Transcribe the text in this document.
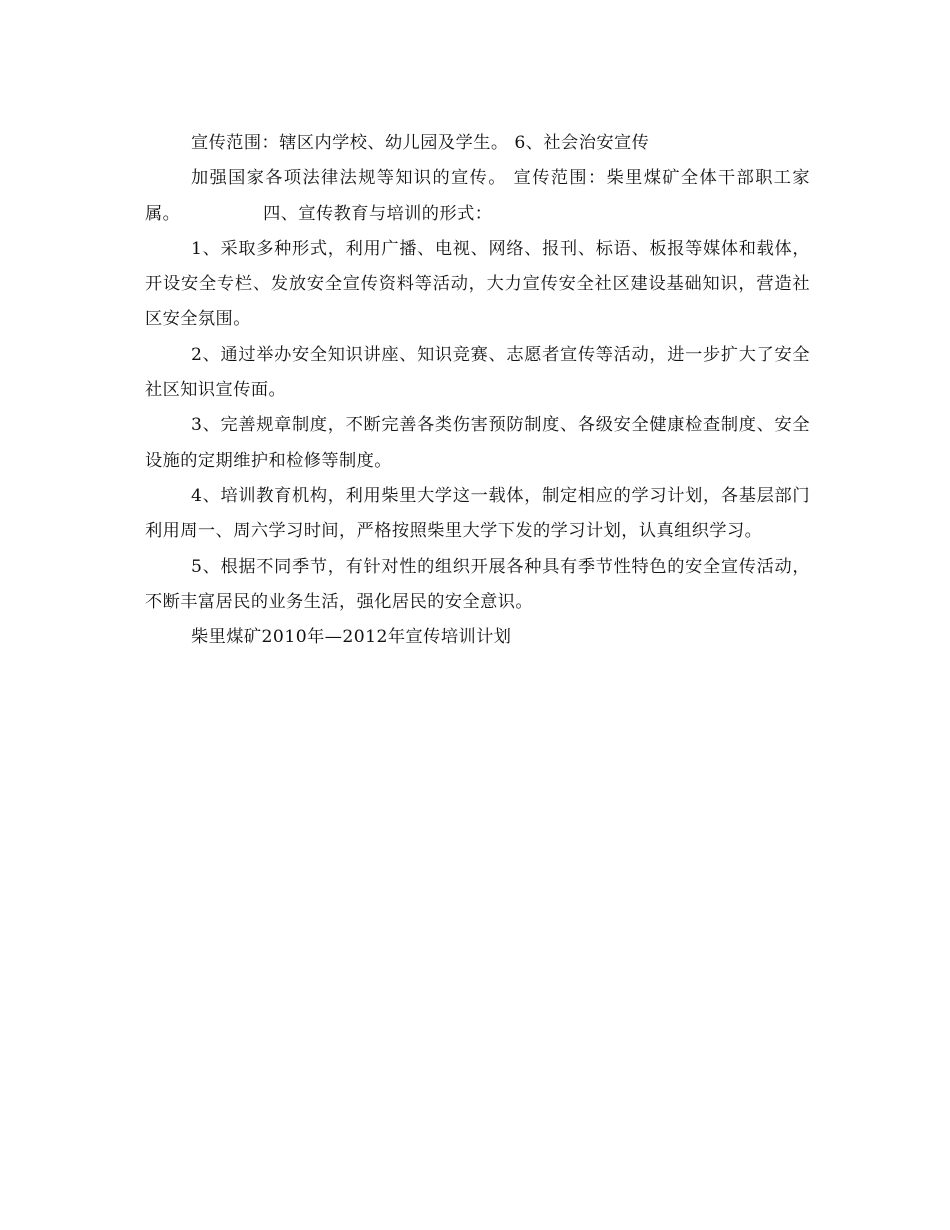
宣传范围：辖区内学校、幼儿园及学生。 6、社会治安宣传

加强国家各项法律法规等知识的宣传。 宣传范围：柴里煤矿全体干部职工家属。              四、宣传教育与培训的形式：

1、采取多种形式，利用广播、电视、网络、报刊、标语、板报等媒体和载体，开设安全专栏、发放安全宣传资料等活动，大力宣传安全社区建设基础知识，营造社区安全氛围。

2、通过举办安全知识讲座、知识竞赛、志愿者宣传等活动，进一步扩大了安全社区知识宣传面。

3、完善规章制度，不断完善各类伤害预防制度、各级安全健康检查制度、安全设施的定期维护和检修等制度。

4、培训教育机构，利用柴里大学这一载体，制定相应的学习计划，各基层部门利用周一、周六学习时间，严格按照柴里大学下发的学习计划，认真组织学习。

5、根据不同季节，有针对性的组织开展各种具有季节性特色的安全宣传活动，不断丰富居民的业务生活，强化居民的安全意识。

柴里煤矿2010年—2012年宣传培训计划
